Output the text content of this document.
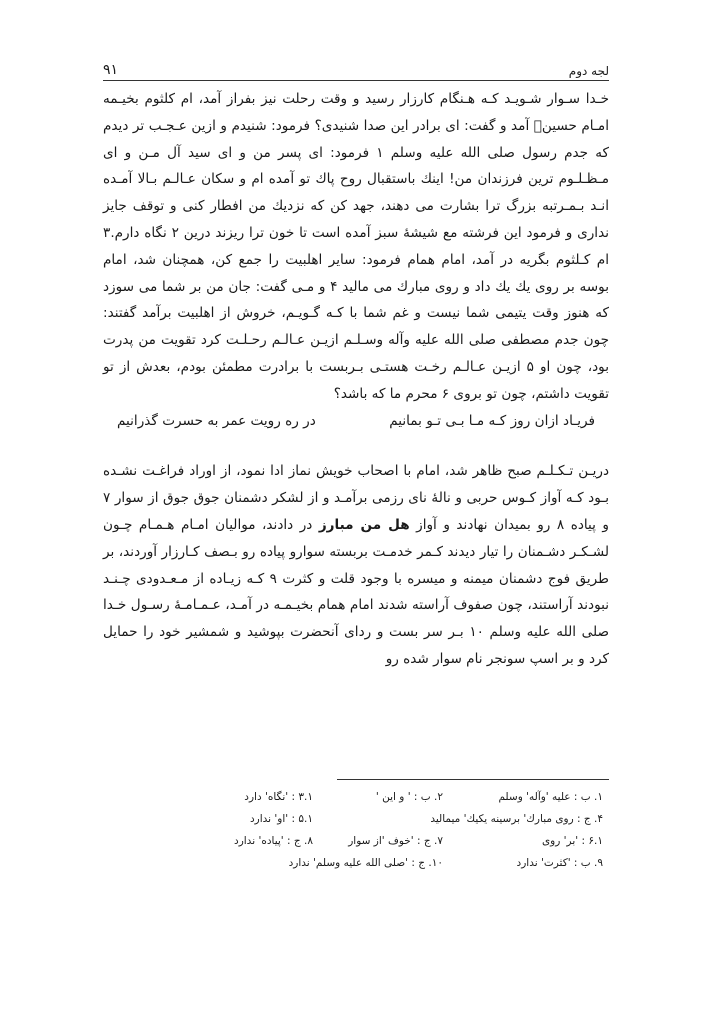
۹۱	لجه دوم

خـدا سـوار شـویـد کـه هـنگام کارزار رسید و وقت رحلت نیز بفراز آمد، ام کلثوم بخیـمه امـام حسینؑ آمد و گفت: ای برادر این صدا شنیدی؟ فرمود: شنیدم و ازین عـجـب تر دیدم که جدم رسول صلی الله علیه وسلم ۱ فرمود: ای پسر من و ای سید آل مـن و ای مـظـلـوم ترین فرزندان من! اینك باستقبال روح پاك تو آمده ام و سکان عـالـم بـالا آمـده انـد بـمـرتبه بزرگ ترا بشارت می دهند، جهد کن که نزدیك من افطار کنی و توقف جایز نداری و فرمود این فرشته مع شیشهٔ سبز آمده است تا خون ترا ریزند درین ۲ نگاه دارم.۳ ام کـلثوم بگریه در آمد، امام همام فرمود: سایر اهلبیت را جمع کن، همچنان شد، امام بوسه بر روی یك یك داد و روی مبارك می مالید ۴ و مـی گفت: جان من بر شما می سوزد که هنوز وقت یتیمی شما نیست و غم شما با کـه گـویـم، خروش از اهلبیت برآمد گفتند: چون جدم مصطفی صلی الله علیه وآله وسـلـم ازیـن عـالـم رحـلـت کرد تقویت من پدرت بود، چون او ۵ ازیـن عـالـم رخـت هستـی بـربست با برادرت مطمئن بودم، بعدش از تو تقویت داشتم، چون تو بروی ۶ محرم ما که باشد؟

فریـاد ازان روز کـه مـا بـی تـو بمانیم
در ره رویت عمر به حسرت گذرانیم

دریـن تـکـلـم صبح ظاهر شد، امام با اصحاب خویش نماز ادا نمود، از اوراد فراغـت نشـده بـود کـه آواز کـوس حربی و نالهٔ نای رزمی برآمـد و از لشکر دشمنان جوق جوق از سوار ۷ و پیاده ۸ رو بمیدان نهادند و آواز هل من مبارز در دادند، موالیان امـام هـمـام چـون لشـکـر دشـمنان را تیار دیدند کـمر خدمـت بربسته سوارو پیاده رو بـصف کـارزار آوردند، بر طریق فوج دشمنان میمنه و میسره با وجود قلت و کثرت ۹ کـه زیـاده از مـعـدودی چـنـد نبودند آراستند، چون صفوف آراسته شدند امام همام بخیـمـه در آمـد، عـمـامـهٔ رسـول خـدا صلی الله علیه وسلم ۱۰ بـر سر بست و ردای آنحضرت بپوشید و شمشیر خود را حمایل کرد و بر اسپ سونجر نام سوار شده رو

۱. ب : علیه 'وآله' وسلم
۲. ب : ' و این '
۳.۱ : 'نگاه' دارد
۴. ج : روی مبارك' برسینه یکیك' میمالید
۵.۱ : 'او' ندارد
۶.۱ : 'بر' روی
۷. ج : 'خوف 'از سوار
۸. ج : 'پیاده' ندارد
۹. ب : 'کثرت' ندارد
۱۰. ج : 'صلی الله علیه وسلم' ندارد
